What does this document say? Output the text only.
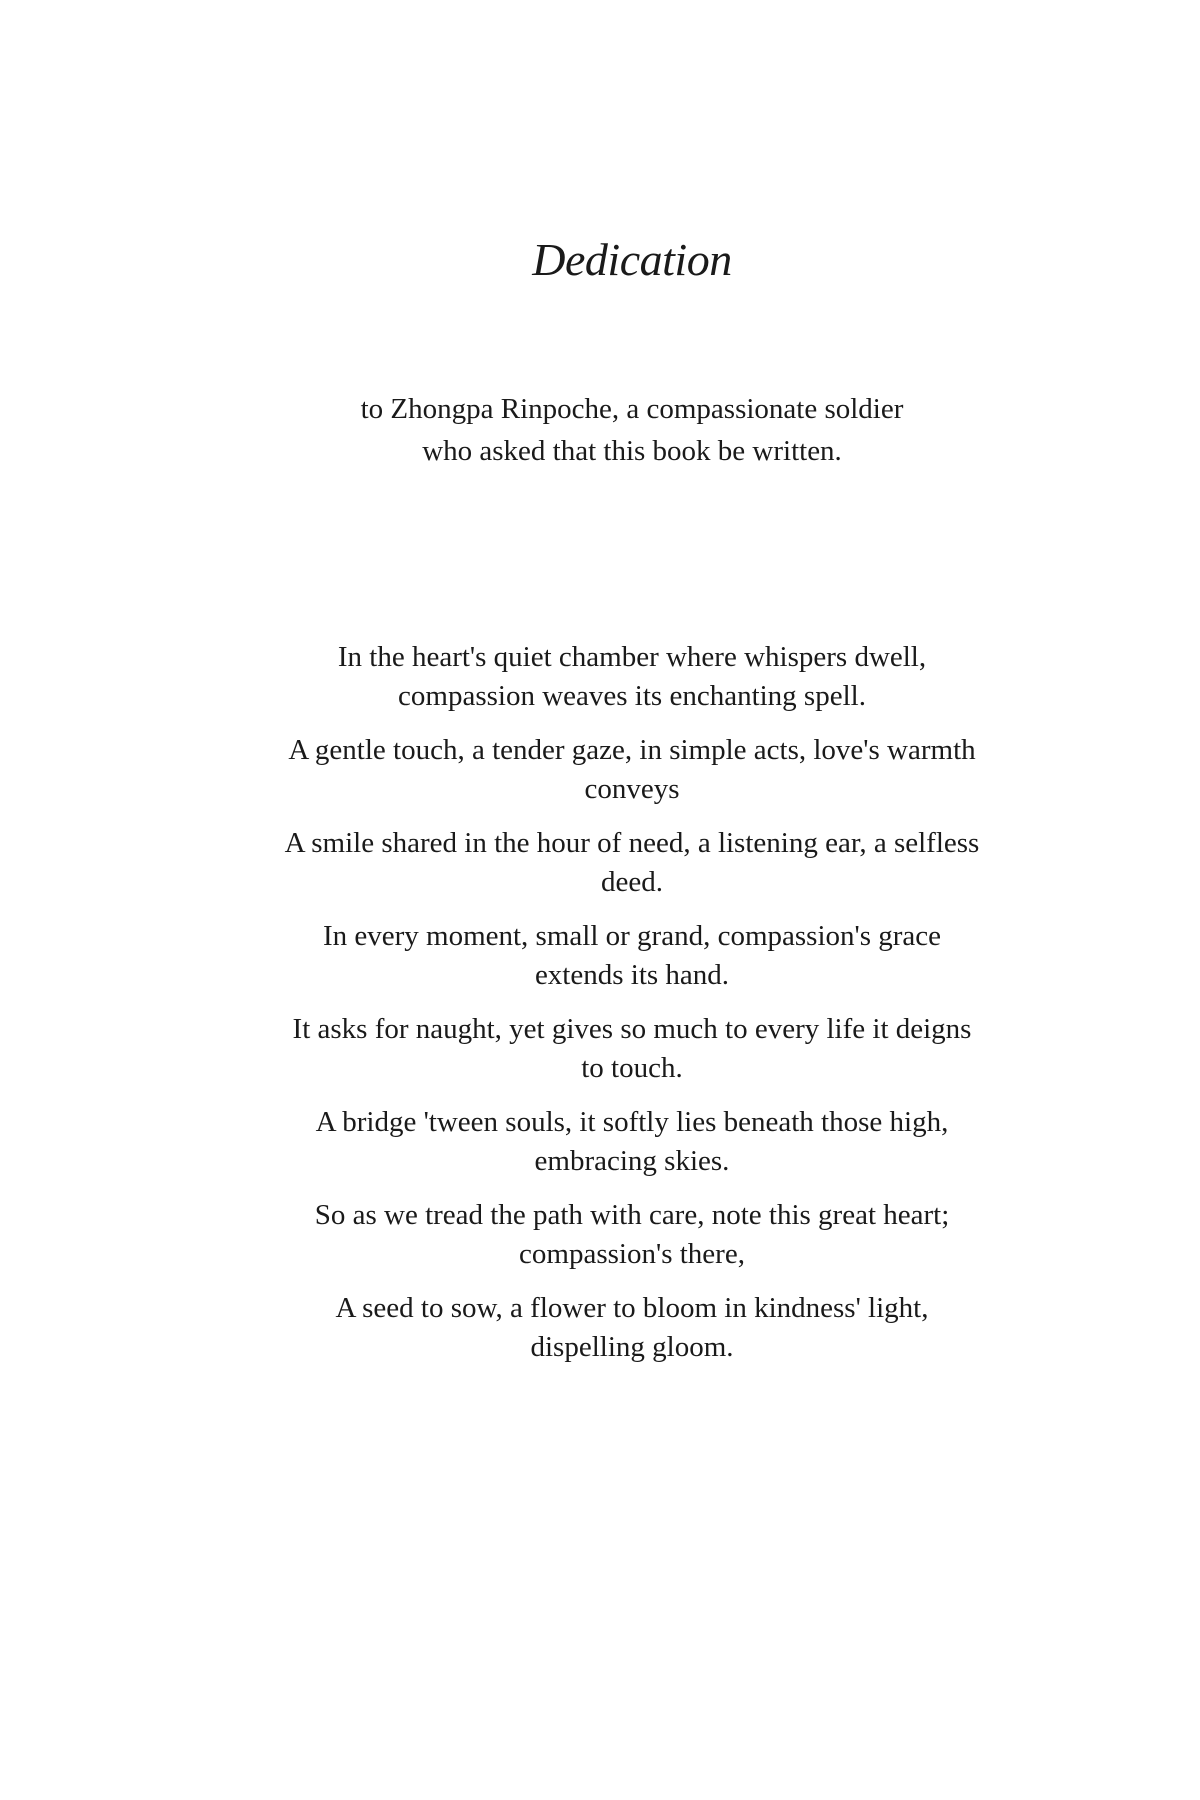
Dedication

to Zhongpa Rinpoche, a compassionate soldier

who asked that this book be written.

In the heart's quiet chamber where whispers dwell, compassion weaves its enchanting spell.

A gentle touch, a tender gaze, in simple acts, love's warmth conveys

A smile shared in the hour of need, a listening ear, a selfless deed.

In every moment, small or grand, compassion's grace extends its hand.

It asks for naught, yet gives so much to every life it deigns to touch.

A bridge 'tween souls, it softly lies beneath those high, embracing skies.

So as we tread the path with care, note this great heart; compassion's there,

A seed to sow, a flower to bloom in kindness' light, dispelling gloom.
